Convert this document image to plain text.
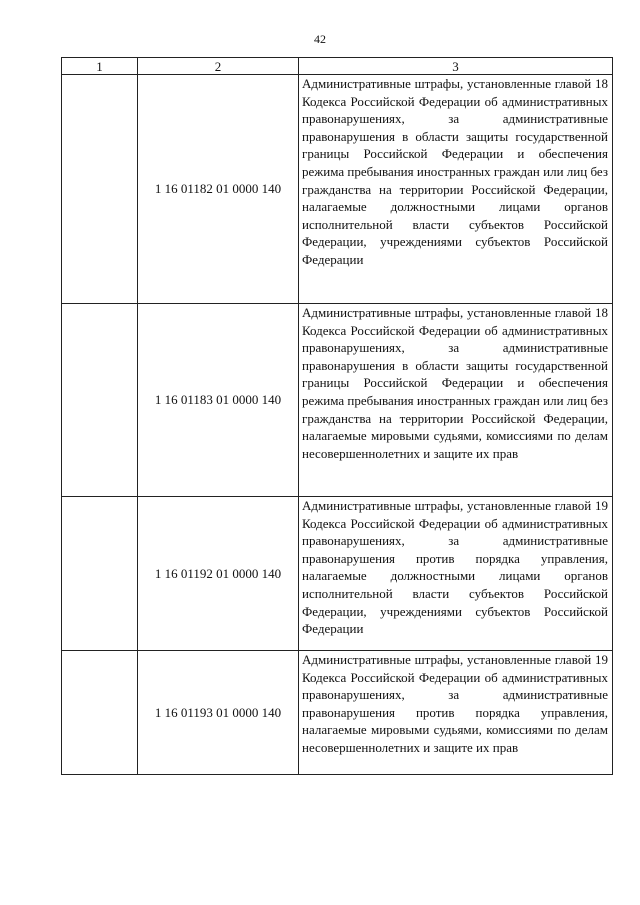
42
1	2	3
	1 16 01182 01 0000 140	Административные штрафы, установленные главой 18 Кодекса Российской Федерации об административных правонарушениях, за административные правонарушения в области защиты государственной границы Российской Федерации и обеспечения режима пребывания иностранных граждан или лиц без гражданства на территории Российской Федерации, налагаемые должностными лицами органов исполнительной власти субъектов Российской Федерации, учреждениями субъектов Российской Федерации

	1 16 01183 01 0000 140	Административные штрафы, установленные главой 18 Кодекса Российской Федерации об административных правонарушениях, за административные правонарушения в области защиты государственной границы Российской Федерации и обеспечения режима пребывания иностранных граждан или лиц без гражданства на территории Российской Федерации, налагаемые мировыми судьями, комиссиями по делам несовершеннолетних и защите их прав

	1 16 01192 01 0000 140	Административные штрафы, установленные главой 19 Кодекса Российской Федерации об административных правонарушениях, за административные правонарушения против порядка управления, налагаемые должностными лицами органов исполнительной власти субъектов Российской Федерации, учреждениями субъектов Российской Федерации

	1 16 01193 01 0000 140	Административные штрафы, установленные главой 19 Кодекса Российской Федерации об административных правонарушениях, за административные правонарушения против порядка управления, налагаемые мировыми судьями, комиссиями по делам несовершеннолетних и защите их прав
